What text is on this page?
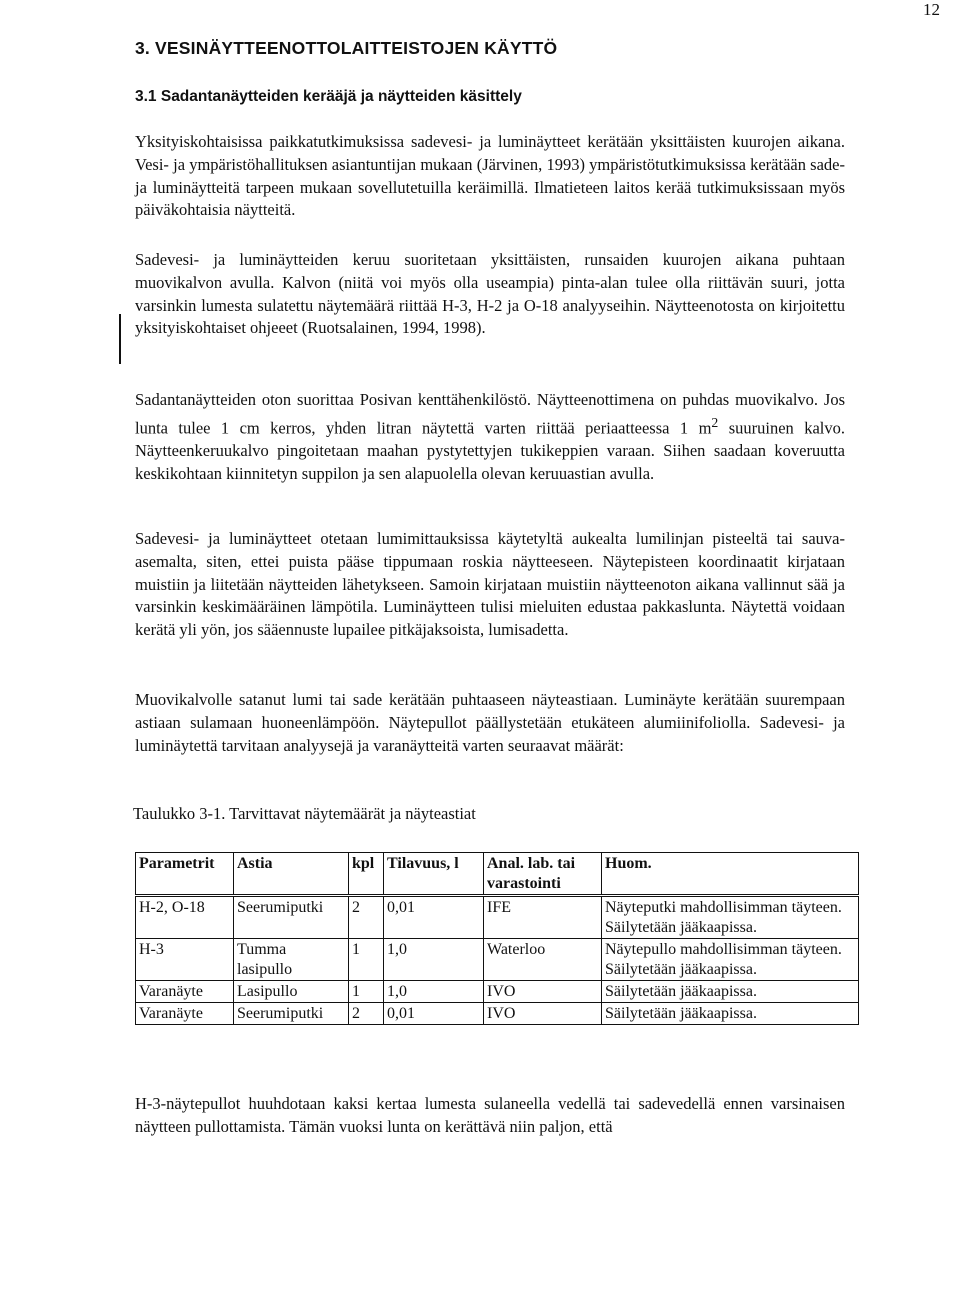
12
3. VESINÄYTTEENOTTOLAITTEISTOJEN KÄYTTÖ
3.1 Sadantanäytteiden kerääjä ja näytteiden käsittely

Yksityiskohtaisissa paikkatutkimuksissa sadevesi- ja luminäytteet kerätään yksittäisten kuurojen aikana. Vesi- ja ympäristöhallituksen asiantuntijan mukaan (Järvinen, 1993) ympäristötutkimuksissa kerätään sade- ja luminäytteitä tarpeen mukaan sovellutetuilla keräimillä. Ilmatieteen laitos kerää tutkimuksissaan myös päiväkohtaisia näytteitä.

Sadevesi- ja luminäytteiden keruu suoritetaan yksittäisten, runsaiden kuurojen aikana puhtaan muovikalvon avulla. Kalvon (niitä voi myös olla useampia) pinta-alan tulee olla riittävän suuri, jotta varsinkin lumesta sulatettu näytemäärä riittää H-3, H-2 ja O-18 analyyseihin. Näytteenotosta on kirjoitettu yksityiskohtaiset ohjeeet (Ruotsalainen, 1994, 1998).

Sadantanäytteiden oton suorittaa Posivan kenttähenkilöstö. Näytteenottimena on puhdas muovikalvo. Jos lunta tulee 1 cm kerros, yhden litran näytettä varten riittää periaatteessa 1 $m^2$ suuruinen kalvo. Näytteenkeruukalvo pingoitetaan maahan pystytettyjen tukikeppien varaan. Siihen saadaan koveruutta keskikohtaan kiinnitetyn suppilon ja sen alapuolella olevan keruuastian avulla.

Sadevesi- ja luminäytteet otetaan lumimittauksissa käytetyltä aukealta lumilinjan pisteeltä tai sauva-asemalta, siten, ettei puista pääse tippumaan roskia näytteeseen. Näytepisteen koordinaatit kirjataan muistiin ja liitetään näytteiden lähetykseen. Samoin kirjataan muistiin näytteenoton aikana vallinnut sää ja varsinkin keskimääräinen lämpötila. Luminäytteen tulisi mieluiten edustaa pakkaslunta. Näytettä voidaan kerätä yli yön, jos sääennuste lupailee pitkäjaksoista, lumisadetta.

Muovikalvolle satanut lumi tai sade kerätään puhtaaseen näyteastiaan. Luminäyte kerätään suurempaan astiaan sulamaan huoneenlämpöön. Näytepullot päällystetään etukäteen alumiinifoliolla. Sadevesi- ja luminäytettä tarvitaan analyysejä ja varanäytteitä varten seuraavat määrät:

Taulukko 3-1. Tarvittavat näytemäärät ja näyteastiat

Parametrit	Astia	kpl	Tilavuus, l	Anal. lab. tai varastointi	Huom.
H-2, O-18	Seerumiputki	2	0,01	IFE	Näyteputki mahdollisimman täyteen. Säilytetään jääkaapissa.
H-3	Tumma lasipullo	1	1,0	Waterloo	Näytepullo mahdollisimman täyteen. Säilytetään jääkaapissa.
Varanäyte	Lasipullo	1	1,0	IVO	Säilytetään jääkaapissa.
Varanäyte	Seerumiputki	2	0,01	IVO	Säilytetään jääkaapissa.

H-3-näytepullot huuhdotaan kaksi kertaa lumesta sulaneella vedellä tai sadevedellä ennen varsinaisen näytteen pullottamista. Tämän vuoksi lunta on kerättävä niin paljon, että
